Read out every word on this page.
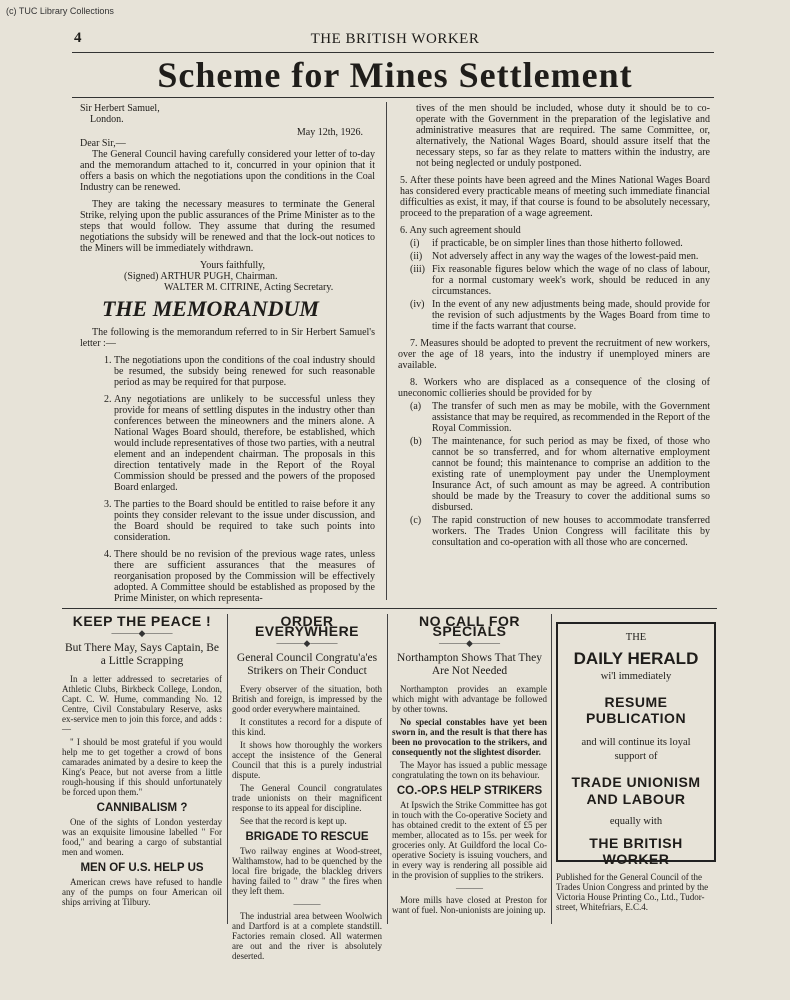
(c) TUC Library Collections
4	THE BRITISH WORKER
Scheme for Mines Settlement
Sir Herbert Samuel,
London.
May 12th, 1926.
Dear Sir,—

The General Council having carefully considered your letter of to-day and the memorandum attached to it, concurred in your opinion that it offers a basis on which the negotiations upon the conditions in the Coal Industry can be renewed.

They are taking the necessary measures to terminate the General Strike, relying upon the public assurances of the Prime Minister as to the steps that would follow. They assume that during the resumed negotiations the subsidy will be renewed and that the lock-out notices to the Miners will be immediately withdrawn.

Yours faithfully,
(Signed) ARTHUR PUGH, Chairman.
WALTER M. CITRINE, Acting Secretary.
THE MEMORANDUM

The following is the memorandum referred to in Sir Herbert Samuel's letter :—

1. The negotiations upon the conditions of the coal industry should be resumed, the subsidy being renewed for such reasonable period as may be required for that purpose.
2. Any negotiations are unlikely to be successful unless they provide for means of settling disputes in the industry other than conferences between the mineowners and the miners alone. A National Wages Board should, therefore, be established, which would include representatives of those two parties, with a neutral element and an independent chairman. The proposals in this direction tentatively made in the Report of the Royal Commission should be pressed and the powers of the proposed Board enlarged.
3. The parties to the Board should be entitled to raise before it any points they consider relevant to the issue under discussion, and the Board should be required to take such points into consideration.
4. There should be no revision of the previous wage rates, unless there are sufficient assurances that the measures of reorganisation proposed by the Commission will be effectively adopted. A Committee should be established as proposed by the Prime Minister, on which representa-

tives of the men should be included, whose duty it should be to co-operate with the Government in the preparation of the legislative and administrative measures that are required. The same Committee, or, alternatively, the National Wages Board, should assure itself that the necessary steps, so far as they relate to matters within the industry, are not being neglected or unduly postponed.

5. After these points have been agreed and the Mines National Wages Board has considered every practicable means of meeting such immediate financial difficulties as exist, it may, if that course is found to be absolutely necessary, proceed to the preparation of a wage agreement.

6. Any such agreement should

(i)	if practicable, be on simpler lines than those hitherto followed.
(ii) Not adversely affect in any way the wages of the lowest-paid men.
(iii) Fix reasonable figures below which the wage of no class of labour, for a normal customary week's work, should be reduced in any circumstances.
(iv) In the event of any new adjustments being made, should provide for the revision of such adjustments by the Wages Board from time to time if the facts warrant that course.

7. Measures should be adopted to prevent the recruitment of new workers, over the age of 18 years, into the industry if unemployed miners are available.

8. Workers who are displaced as a consequence of the closing of uneconomic collieries should be provided for by

(a)	The transfer of such men as may be mobile, with the Government assistance that may be required, as recommended in the Report of the Royal Commission.
(b)	The maintenance, for such period as may be fixed, of those who cannot be so transferred, and for whom alternative employment cannot be found; this maintenance to comprise an addition to the existing rate of unemployment pay under the Unemployment Insurance Act, of such amount as may be agreed. A contribution should be made by the Treasury to cover the additional sums so disbursed.
(c)	The rapid construction of new houses to accommodate transferred workers. The Trades Union Congress will facilitate this by consultation and co-operation with all those who are concerned.
KEEP THE PEACE !
———◆———
But There May, Says Captain, Be a Little Scrapping

In a letter addressed to secretaries of Athletic Clubs, Birkbeck College, London, Capt. C. W. Hume, commanding No. 12 Centre, Civil Constabulary Reserve, asks ex-service men to join this force, and adds :—

" I should be most grateful if you would help me to get together a crowd of bons camarades animated by a desire to keep the King's Peace, but not averse from a little rough-housing if this should unfortunately be forced upon them."

CANNIBALISM ?

One of the sights of London yesterday was an exquisite limousine labelled " For food," and bearing a cargo of substantial men and women.

MEN OF U.S. HELP US

American crews have refused to handle any of the pumps on four American oil ships arriving at Tilbury.

ORDER EVERYWHERE
———◆———
General Council Congratu'a'es Strikers on Their Conduct

Every observer of the situation, both British and foreign, is impressed by the good order everywhere maintained.

It constitutes a record for a dispute of this kind.

It shows how thoroughly the workers accept the insistence of the General Council that this is a purely industrial dispute.

The General Council congratulates trade unionists on their magnificent response to its appeal for discipline.

See that the record is kept up.

BRIGADE TO RESCUE

Two railway engines at Wood-street, Walthamstow, had to be quenched by the local fire brigade, the blackleg drivers having failed to " draw " the fires when they left them.

———

The industrial area between Woolwich and Dartford is at a complete standstill. Factories remain closed. All watermen are out and the river is absolutely deserted.

NO CALL FOR SPECIALS
———◆———
Northampton Shows That They Are Not Needed

Northampton provides an example which might with advantage be followed by other towns.

No special constables have yet been sworn in, and the result is that there has been no provocation to the strikers, and consequently not the slightest disorder.

The Mayor has issued a public message congratulating the town on its behaviour.

CO.-OP.S HELP STRIKERS

At Ipswich the Strike Committee has got in touch with the Co-operative Society and has obtained credit to the extent of £5 per member, allocated as to 15s. per week for groceries only. At Guildford the local Co-operative Society is issuing vouchers, and in every way is rendering all possible aid in the provision of supplies to the strikers.

———

More mills have closed at Preston for want of fuel. Non-unionists are joining up.

THE
DAILY HERALD
wi'l immediately
RESUME PUBLICATION
and will continue its loyal support of
TRADE UNIONISM AND LABOUR
equally with
THE BRITISH WORKER
Published for the General Council of the Trades Union Congress and printed by the Victoria House Printing Co., Ltd., Tudor-street, Whitefriars, E.C.4.
